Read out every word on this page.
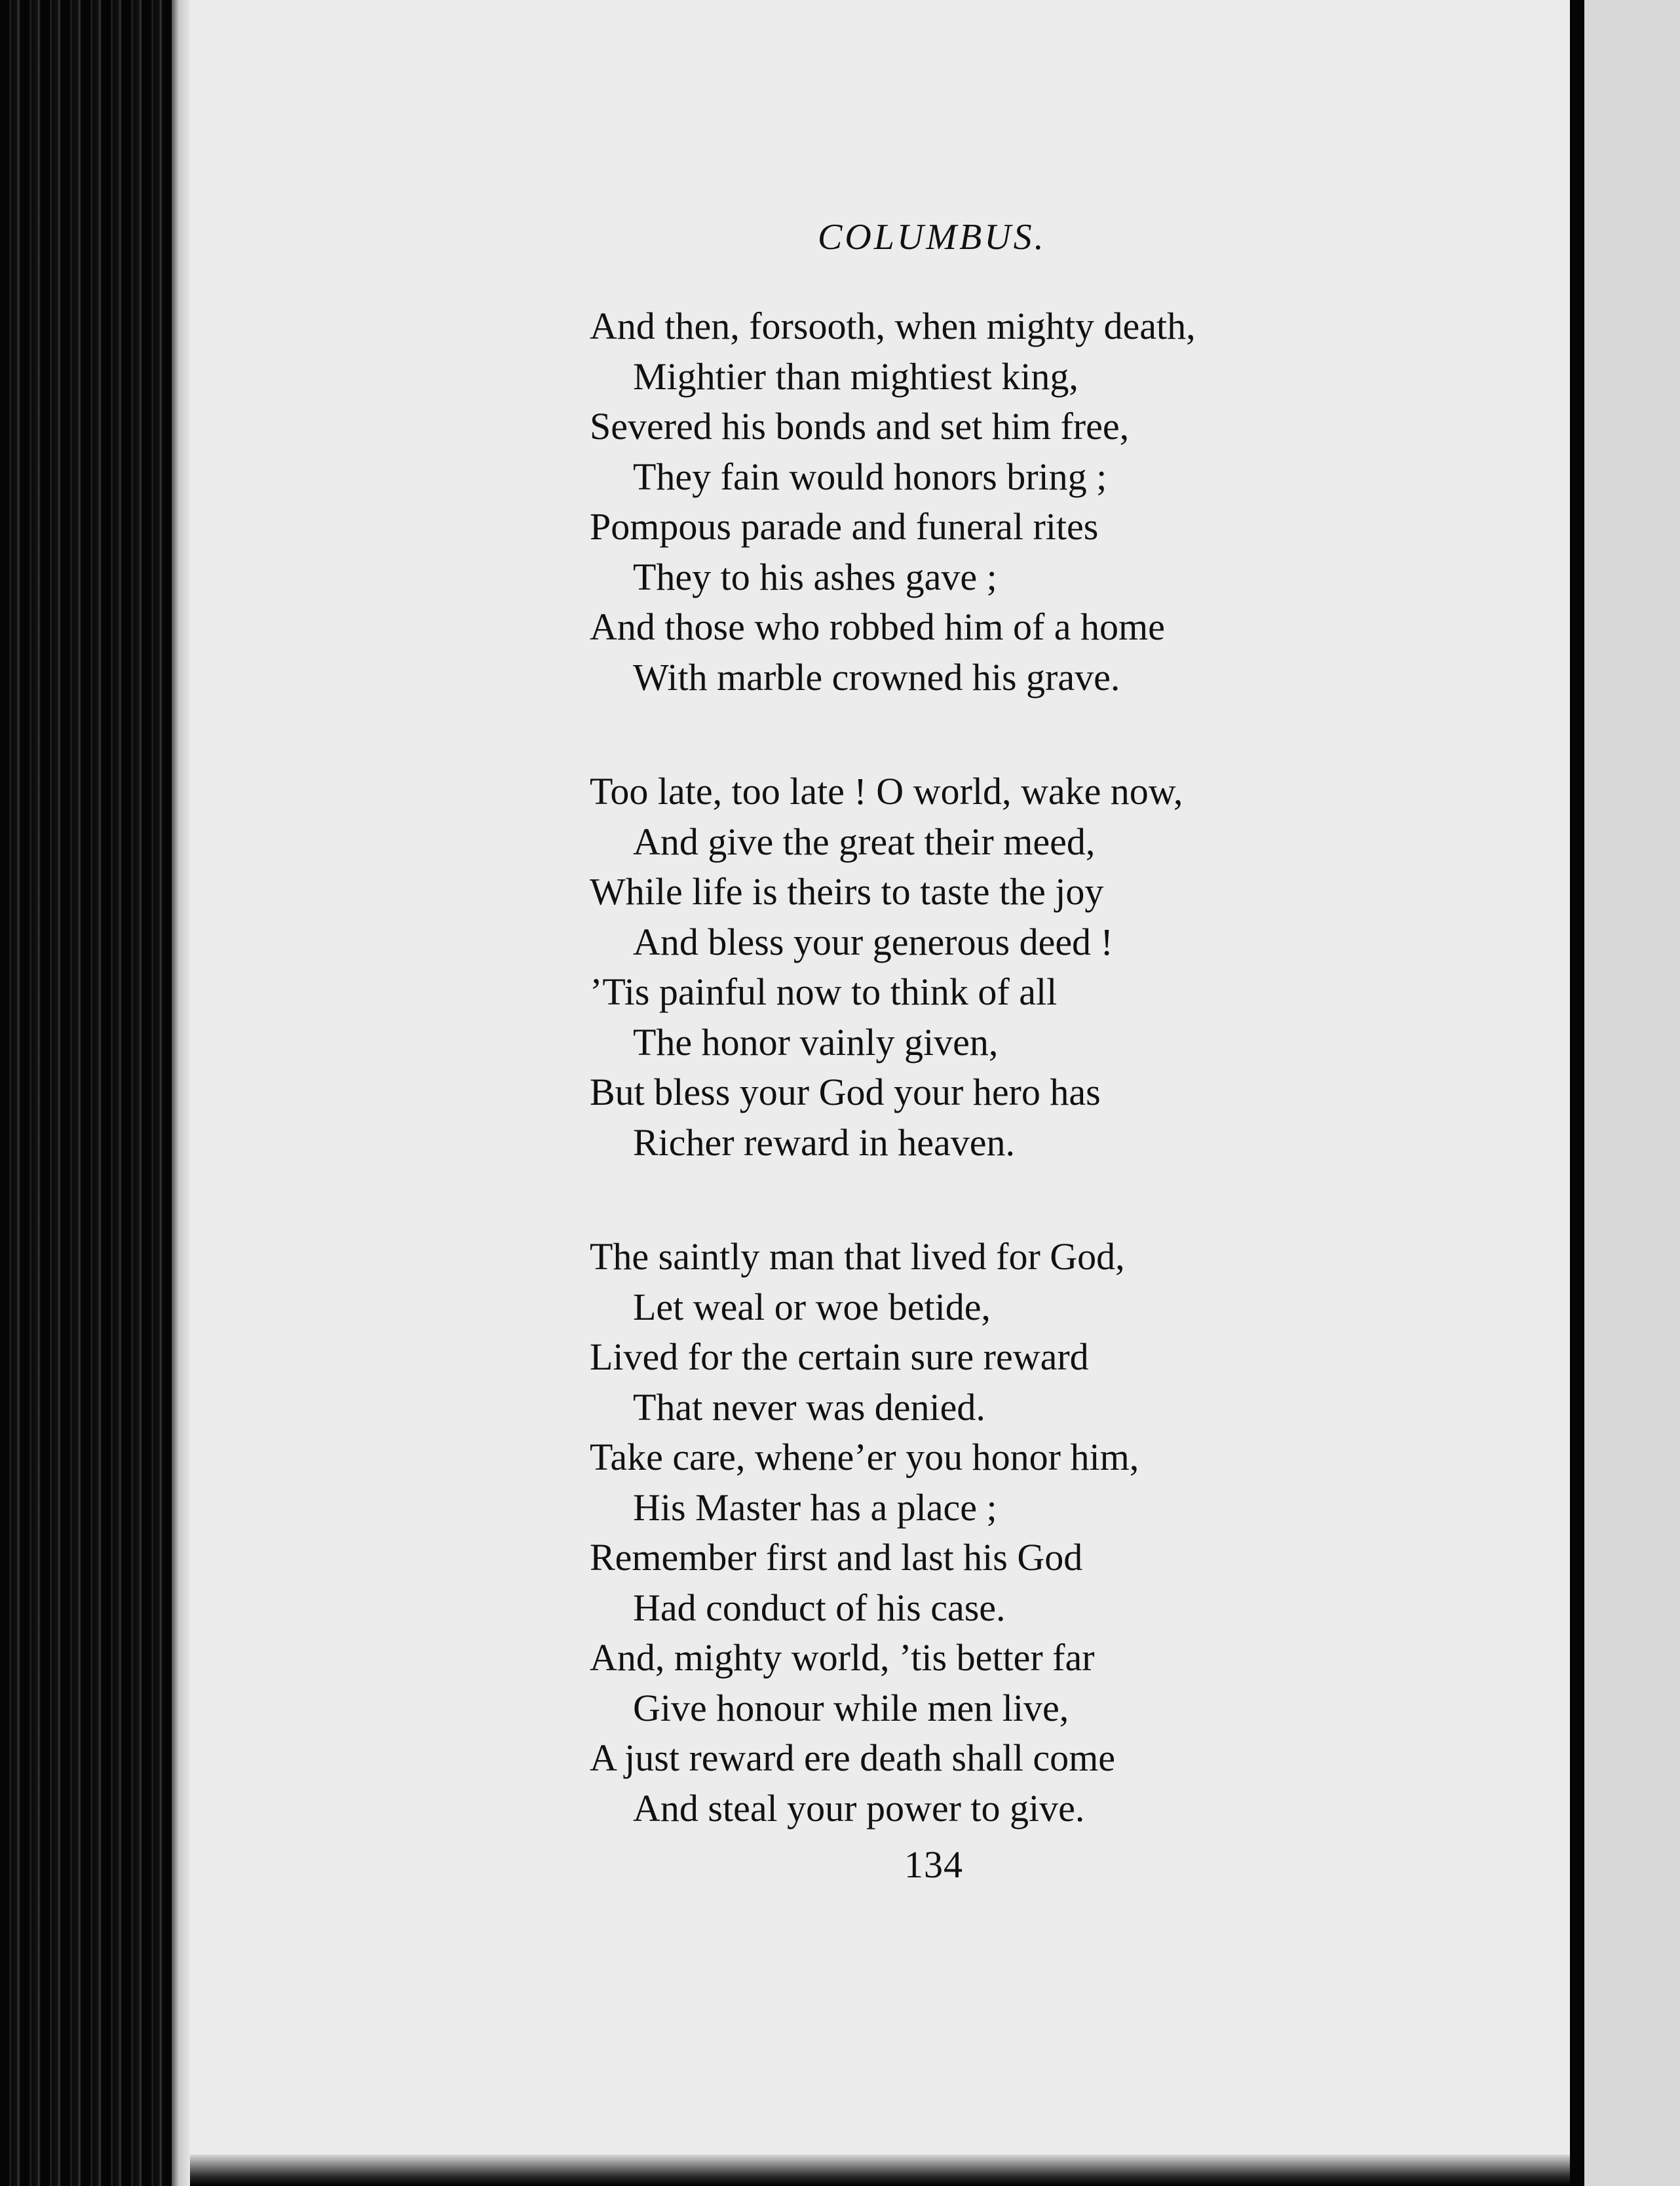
COLUMBUS.
And then, forsooth, when mighty death,
Mightier than mightiest king,
Severed his bonds and set him free,
They fain would honors bring ;
Pompous parade and funeral rites
They to his ashes gave ;
And those who robbed him of a home
With marble crowned his grave.
Too late, too late ! O world, wake now,
And give the great their meed,
While life is theirs to taste the joy
And bless your generous deed !
’Tis painful now to think of all
The honor vainly given,
But bless your God your hero has
Richer reward in heaven.
The saintly man that lived for God,
Let weal or woe betide,
Lived for the certain sure reward
That never was denied.
Take care, whene’er you honor him,
His Master has a place ;
Remember first and last his God
Had conduct of his case.
And, mighty world, ’tis better far
Give honour while men live,
A just reward ere death shall come
And steal your power to give.
134
